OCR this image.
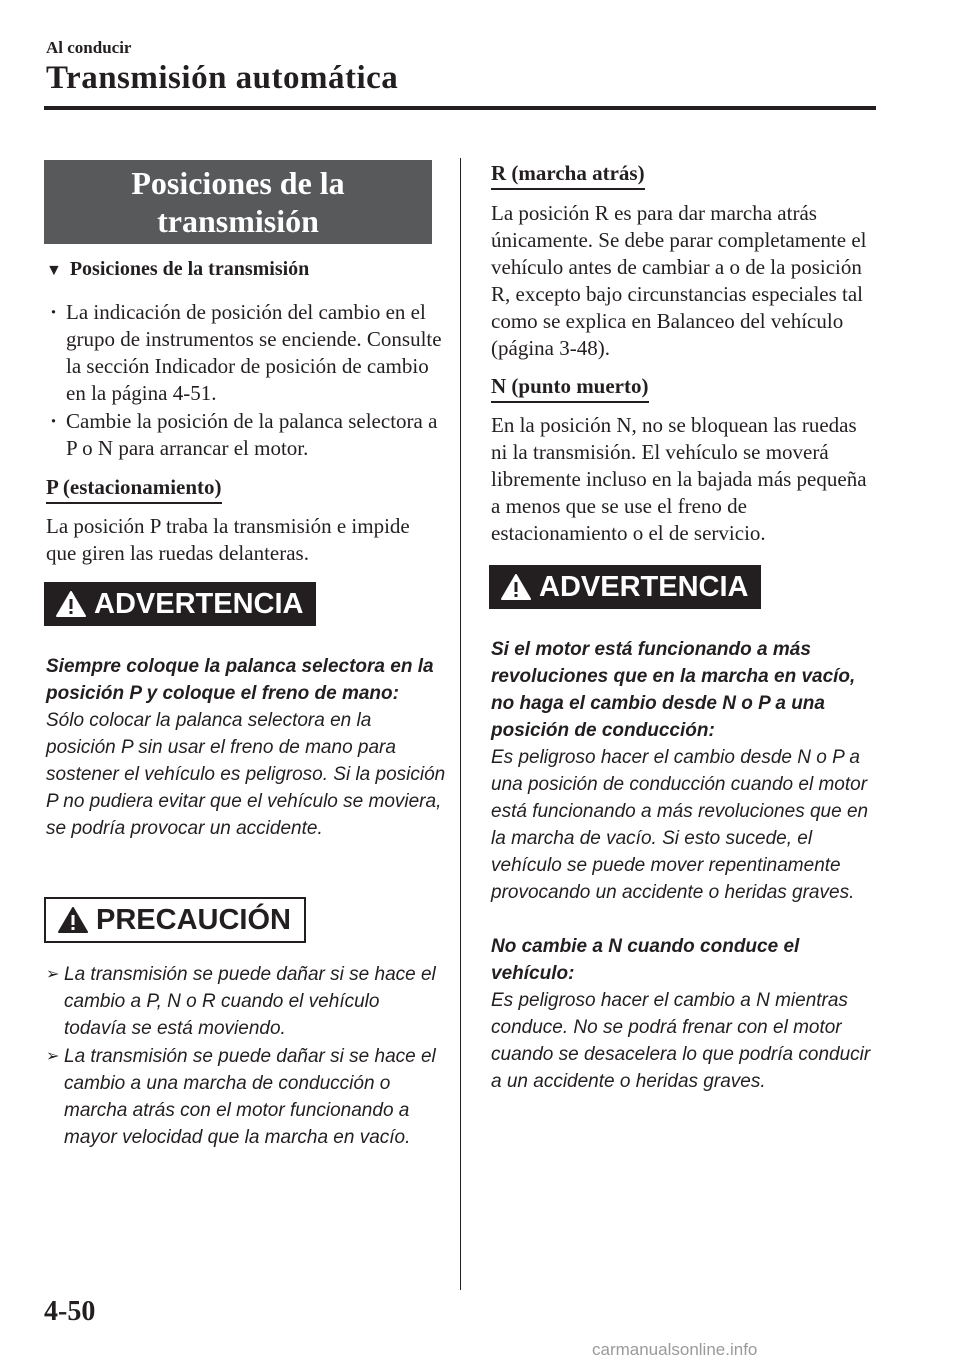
Al conducir
Transmisión automática
Posiciones de la
transmisión
▼ Posiciones de la transmisión
· La indicación de posición del cambio en el grupo de instrumentos se enciende. Consulte la sección Indicador de posición de cambio en la página 4-51.
· Cambie la posición de la palanca selectora a P o N para arrancar el motor.
P (estacionamiento)
La posición P traba la transmisión e impide que giren las ruedas delanteras.
ADVERTENCIA
Siempre coloque la palanca selectora en la posición P y coloque el freno de mano:
Sólo colocar la palanca selectora en la posición P sin usar el freno de mano para sostener el vehículo es peligroso. Si la posición P no pudiera evitar que el vehículo se moviera, se podría provocar un accidente.
PRECAUCIÓN
➢ La transmisión se puede dañar si se hace el cambio a P, N o R cuando el vehículo todavía se está moviendo.
➢ La transmisión se puede dañar si se hace el cambio a una marcha de conducción o marcha atrás con el motor funcionando a mayor velocidad que la marcha en vacío.
R (marcha atrás)
La posición R es para dar marcha atrás únicamente. Se debe parar completamente el vehículo antes de cambiar a o de la posición R, excepto bajo circunstancias especiales tal como se explica en Balanceo del vehículo (página 3-48).
N (punto muerto)
En la posición N, no se bloquean las ruedas ni la transmisión. El vehículo se moverá libremente incluso en la bajada más pequeña a menos que se use el freno de estacionamiento o el de servicio.
ADVERTENCIA
Si el motor está funcionando a más revoluciones que en la marcha en vacío, no haga el cambio desde N o P a una posición de conducción:
Es peligroso hacer el cambio desde N o P a una posición de conducción cuando el motor está funcionando a más revoluciones que en la marcha de vacío. Si esto sucede, el vehículo se puede mover repentinamente provocando un accidente o heridas graves.
No cambie a N cuando conduce el vehículo:
Es peligroso hacer el cambio a N mientras conduce. No se podrá frenar con el motor cuando se desacelera lo que podría conducir a un accidente o heridas graves.
4-50
carmanualsonline.info
